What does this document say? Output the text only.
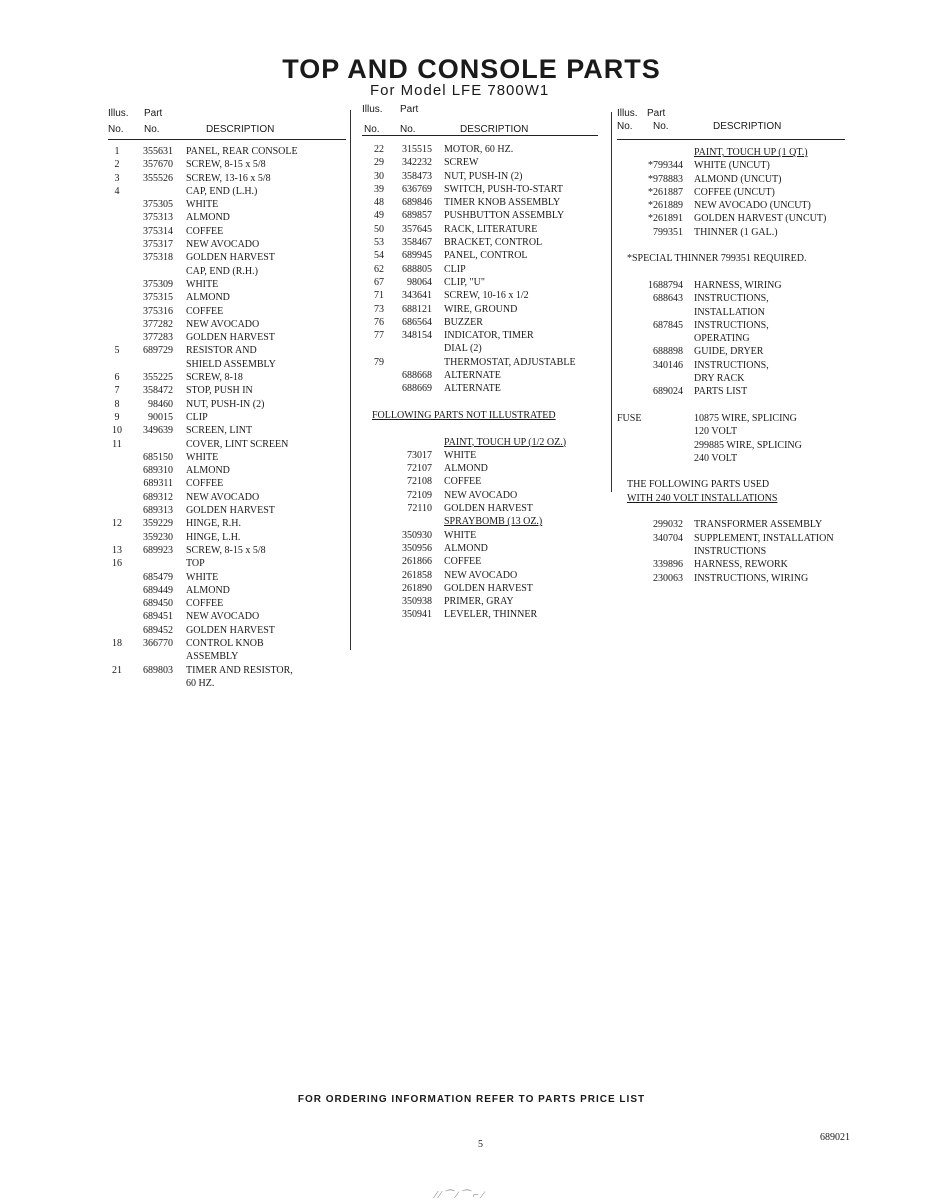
TOP AND CONSOLE PARTS
For Model LFE 7800W1
Illus. Part
No. No.	DESCRIPTION
1	355631 PANEL, REAR CONSOLE
2	357670 SCREW, 8-15 x 5/8
3	355526 SCREW, 13-16 x 5/8
4	CAP, END (L.H.)
375305 WHITE
375313 ALMOND
375314 COFFEE
375317 NEW AVOCADO
375318 GOLDEN HARVEST
CAP, END (R.H.)
375309 WHITE
375315 ALMOND
375316 COFFEE
377282 NEW AVOCADO
377283 GOLDEN HARVEST
5	689729 RESISTOR AND
SHIELD ASSEMBLY
6	355225 SCREW, 8-18
7	358472 STOP, PUSH IN
8	98460 NUT, PUSH-IN (2)
9	90015 CLIP
10	349639 SCREEN, LINT
11	COVER, LINT SCREEN
685150 WHITE
689310 ALMOND
689311 COFFEE
689312 NEW AVOCADO
689313 GOLDEN HARVEST
12	359229 HINGE, R.H.
359230 HINGE, L.H.
13	689923 SCREW, 8-15 x 5/8
16	TOP
685479 WHITE
689449 ALMOND
689450 COFFEE
689451 NEW AVOCADO
689452 GOLDEN HARVEST
18	366770 CONTROL KNOB
ASSEMBLY
21	689803 TIMER AND RESISTOR,
60 HZ.
Illus. Part
No. No.	DESCRIPTION
22	315515 MOTOR, 60 HZ.
29	342232 SCREW
30	358473 NUT, PUSH-IN (2)
39	636769 SWITCH, PUSH-TO-START
48	689846 TIMER KNOB ASSEMBLY
49	689857 PUSHBUTTON ASSEMBLY
50	357645 RACK, LITERATURE
53	358467 BRACKET, CONTROL
54	689945 PANEL, CONTROL
62	688805 CLIP
67	98064 CLIP, "U"
71	343641 SCREW, 10-16 x 1/2
73	688121 WIRE, GROUND
76	686564 BUZZER
77	348154 INDICATOR, TIMER
DIAL (2)
79	THERMOSTAT, ADJUSTABLE
688668 ALTERNATE
688669 ALTERNATE
FOLLOWING PARTS NOT ILLUSTRATED
PAINT, TOUCH UP (1/2 OZ.)
73017 WHITE
72107 ALMOND
72108 COFFEE
72109 NEW AVOCADO
72110 GOLDEN HARVEST
SPRAYBOMB (13 OZ.)
350930 WHITE
350956 ALMOND
261866 COFFEE
261858 NEW AVOCADO
261890 GOLDEN HARVEST
350938 PRIMER, GRAY
350941 LEVELER, THINNER
Illus. Part
No. No.	DESCRIPTION
PAINT, TOUCH UP (1 QT.)
*799344 WHITE (UNCUT)
*978883 ALMOND (UNCUT)
*261887 COFFEE (UNCUT)
*261889 NEW AVOCADO (UNCUT)
*261891 GOLDEN HARVEST (UNCUT)
799351 THINNER (1 GAL.)
*SPECIAL THINNER 799351 REQUIRED.
1688794 HARNESS, WIRING
688643 INSTRUCTIONS,
INSTALLATION
687845 INSTRUCTIONS,
OPERATING
688898 GUIDE, DRYER
340146 INSTRUCTIONS,
DRY RACK
689024 PARTS LIST
FUSE	10875 WIRE, SPLICING
120 VOLT
299885 WIRE, SPLICING
240 VOLT
THE FOLLOWING PARTS USED
WITH 240 VOLT INSTALLATIONS
299032 TRANSFORMER ASSEMBLY
340704 SUPPLEMENT, INSTALLATION
INSTRUCTIONS
339896 HARNESS, REWORK
230063 INSTRUCTIONS, WIRING
FOR ORDERING INFORMATION REFER TO PARTS PRICE LIST
5
689021
⁄ ⁄ ⌒ ∕ ⌒ ⌐ ∕
